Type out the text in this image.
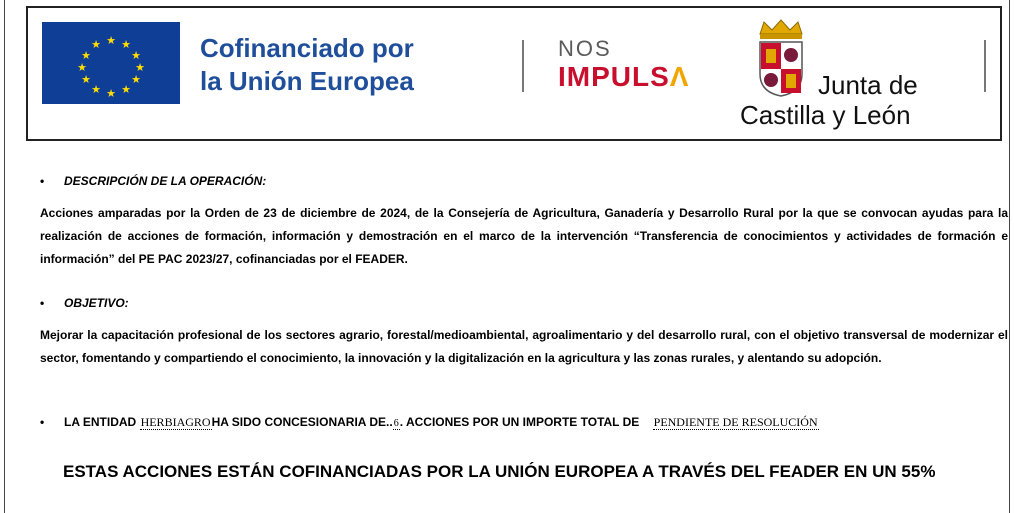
★ ★
★
★
★
★
★
★
★
★
★
★	Cofinanciado por
la Unión Europea
NOS
IMPULSΛ	Junta de
Castilla y León
• DESCRIPCIÓN DE LA OPERACIÓN:
Acciones amparadas por la Orden de 23 de diciembre de 2024, de la Consejería de Agricultura, Ganadería y Desarrollo Rural por la que se convocan ayudas para la realización de acciones de formación, información y demostración en el marco de la intervención “Transferencia de conocimientos y actividades de formación e información” del PE PAC 2023/27, cofinanciadas por el FEADER.
• OBJETIVO:
Mejorar la capacitación profesional de los sectores agrario, forestal/medioambiental, agroalimentario y del desarrollo rural, con el objetivo transversal de modernizar el sector, fomentando y compartiendo el conocimiento, la innovación y la digitalización en la agricultura y las zonas rurales, y alentando su adopción.
• LA ENTIDAD HERBIAGROHA SIDO CONCESIONARIA DE..6. ACCIONES POR UN IMPORTE TOTAL DE PENDIENTE DE RESOLUCIÓN
ESTAS ACCIONES ESTÁN COFINANCIADAS POR LA UNIÓN EUROPEA A TRAVÉS DEL FEADER EN UN 55%
